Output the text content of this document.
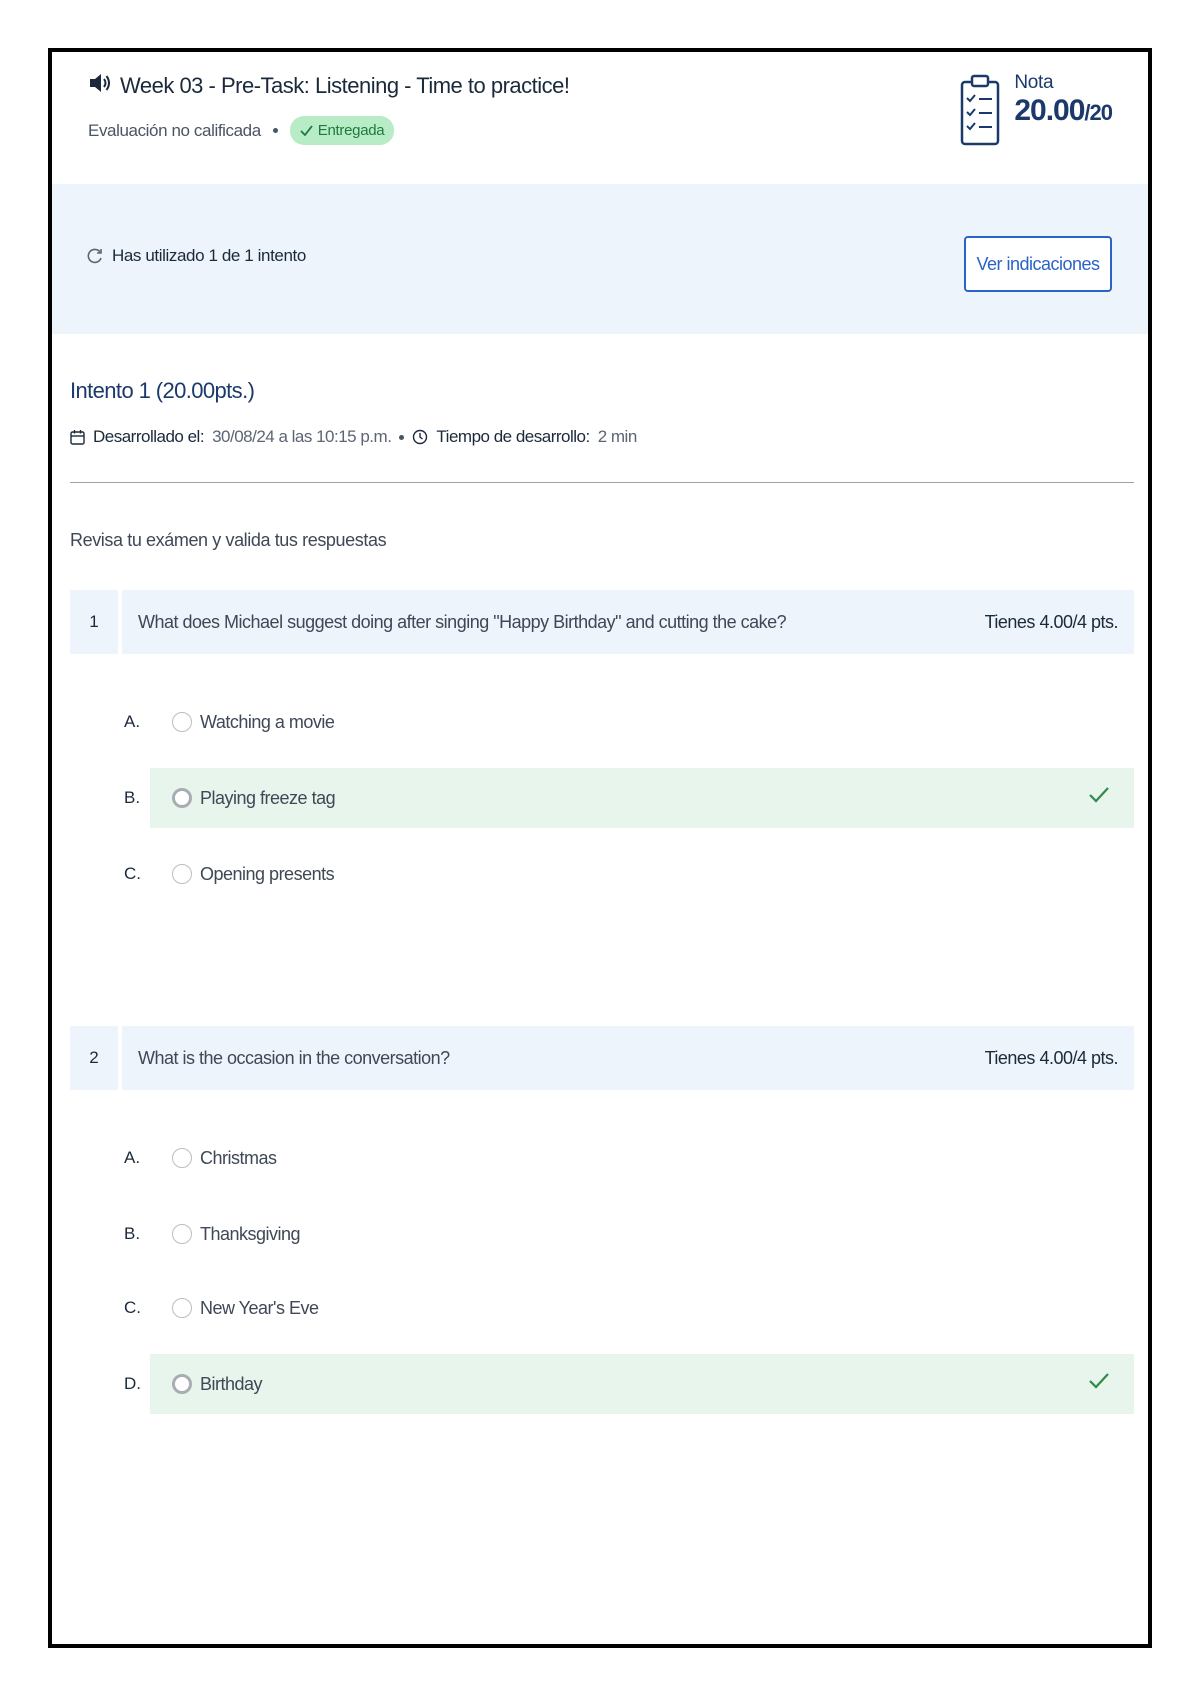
Week 03 - Pre-Task: Listening - Time to practice!
Evaluación no calificada	Entregada
Nota
20.00/20
Has utilizado 1 de 1 intento	Ver indicaciones
Intento 1 (20.00pts.)
Desarrollado el: 30/08/24 a las 10:15 p.m.	Tiempo de desarrollo: 2 min
Revisa tu exámen y valida tus respuestas
1	What does Michael suggest doing after singing "Happy Birthday" and cutting the cake?	Tienes 4.00/4 pts.
A.	Watching a movie
B.	Playing freeze tag
C.	Opening presents
2	What is the occasion in the conversation?	Tienes 4.00/4 pts.
A.	Christmas
B.	Thanksgiving
C.	New Year's Eve
D.	Birthday
